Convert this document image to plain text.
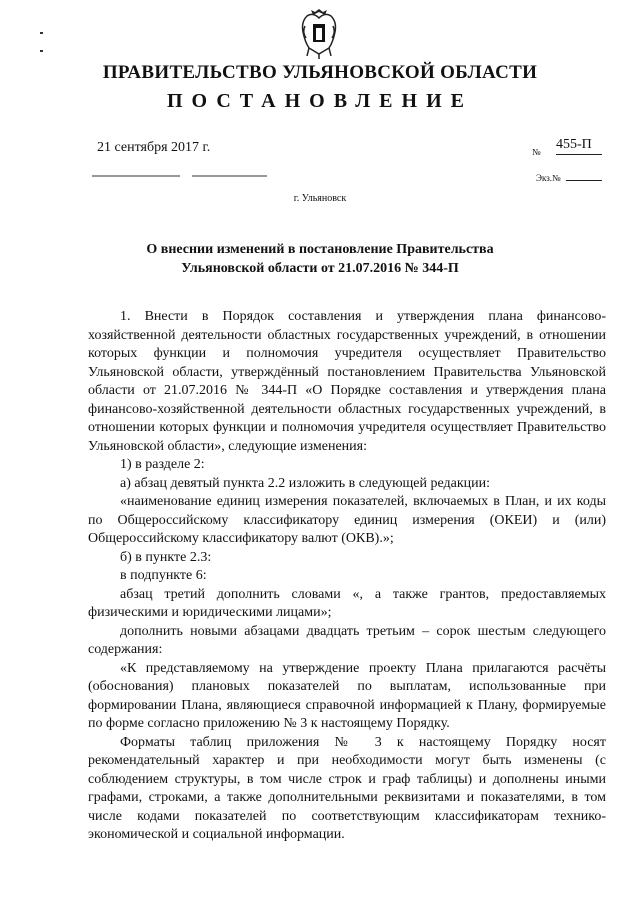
ПРАВИТЕЛЬСТВО УЛЬЯНОВСКОЙ ОБЛАСТИ
ПОСТАНОВЛЕНИЕ
21 сентября 2017 г.	№ 455-П
Экз.№
г. Ульяновск
О внеснии изменений в постановление Правительства
Ульяновской области от 21.07.2016 № 344-П

1. Внести в Порядок составления и утверждения плана финансово-хозяйственной деятельности областных государственных учреждений, в отношении которых функции и полномочия учредителя осуществляет Правительство Ульяновской области, утверждённый постановлением Правительства Ульяновской области от 21.07.2016 № 344-П «О Порядке составления и утверждения плана финансово-хозяйственной деятельности областных государственных учреждений, в отношении которых функции и полномочия учредителя осуществляет Правительство Ульяновской области», следующие изменения:

1) в разделе 2:

а) абзац девятый пункта 2.2 изложить в следующей редакции:

«наименование единиц измерения показателей, включаемых в План, и их коды по Общероссийскому классификатору единиц измерения (ОКЕИ) и (или) Общероссийскому классификатору валют (ОКВ).»;

б) в пункте 2.3:

в подпункте 6:

абзац третий дополнить словами «, а также грантов, предоставляемых физическими и юридическими лицами»;

дополнить новыми абзацами двадцать третьим – сорок шестым следующего содержания:

«К представляемому на утверждение проекту Плана прилагаются расчёты (обоснования) плановых показателей по выплатам, использованные при формировании Плана, являющиеся справочной информацией к Плану, формируемые по форме согласно приложению № 3 к настоящему Порядку.

Форматы таблиц приложения № 3 к настоящему Порядку носят рекомендательный характер и при необходимости могут быть изменены (с соблюдением структуры, в том числе строк и граф таблицы) и дополнены иными графами, строками, а также дополнительными реквизитами и показателями, в том числе кодами показателей по соответствующим классификаторам технико-экономической и социальной информации.
